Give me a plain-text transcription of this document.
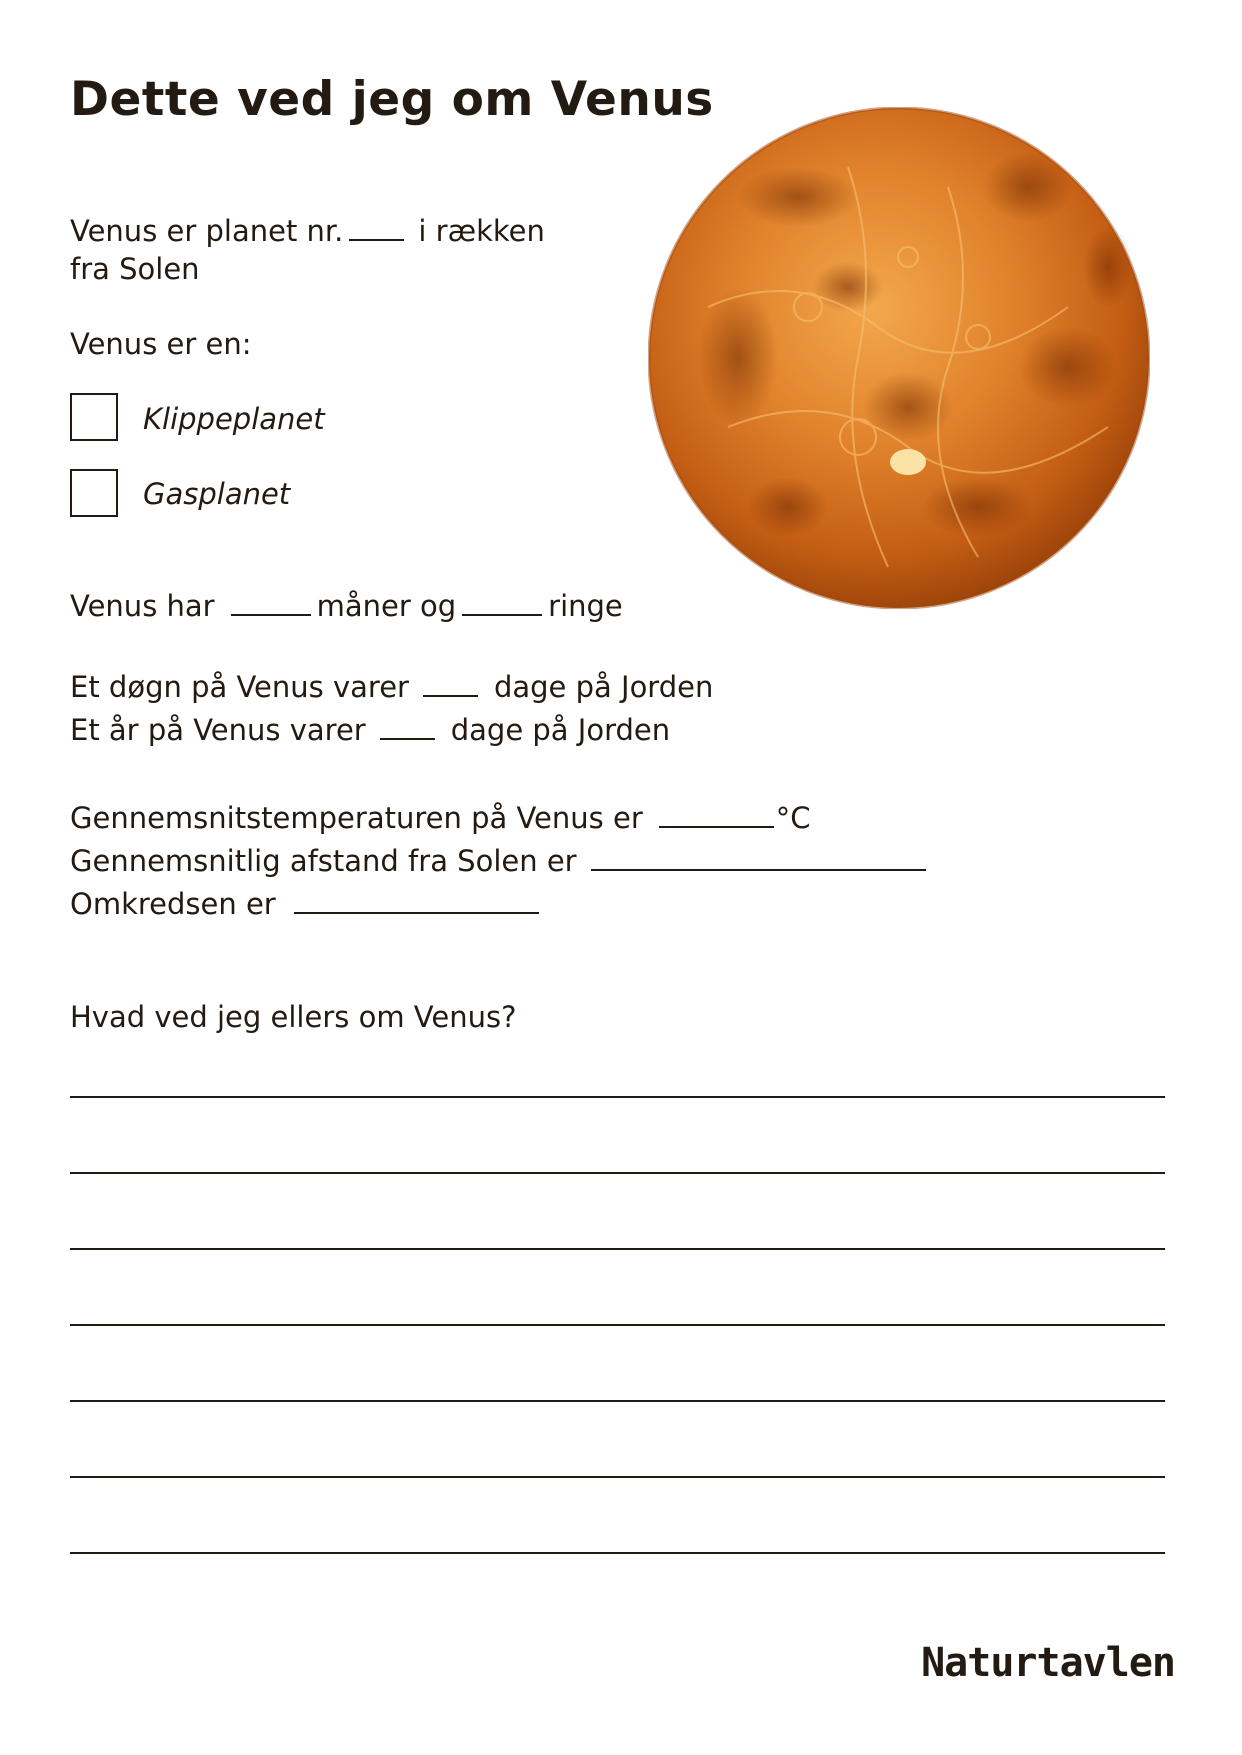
Dette ved jeg om Venus
Venus er planet nr.	i rækken
fra Solen
Venus er en:
Klippeplanet
Gasplanet
Venus har	måner og	ringe
Et døgn på Venus varer	dage på Jorden
Et år på Venus varer	dage på Jorden
Gennemsnitstemperaturen på Venus er	°C
Gennemsnitlig afstand fra Solen er
Omkredsen er
Hvad ved jeg ellers om Venus?
Naturtavlen
